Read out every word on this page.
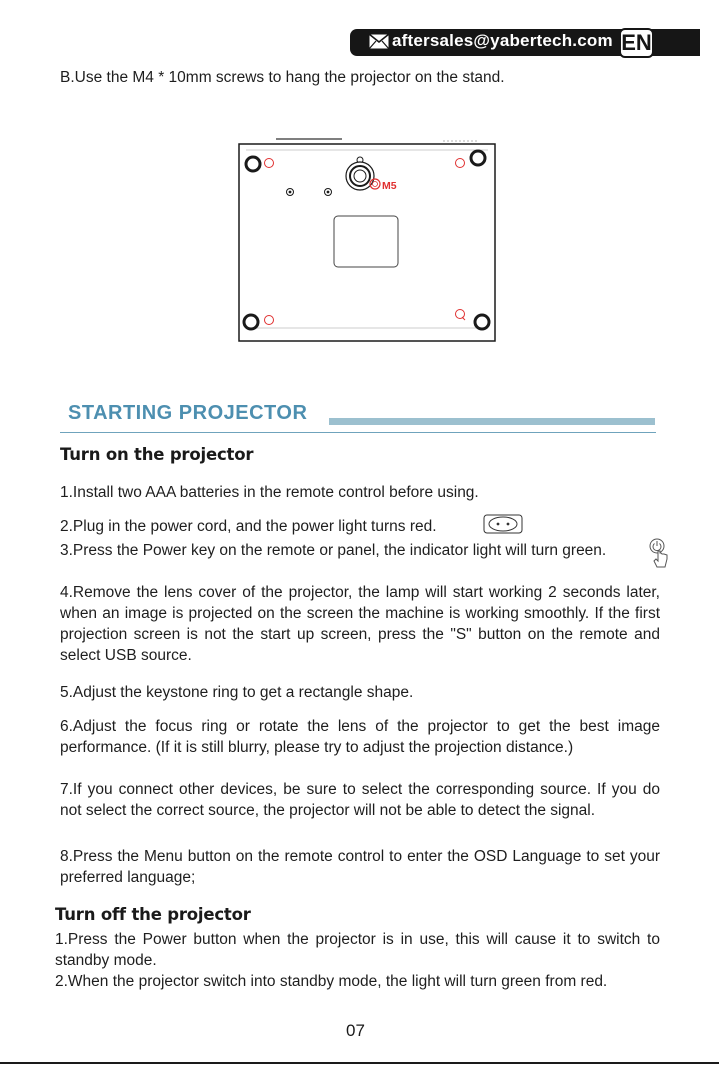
aftersales@yabertech.com EN
B.Use the M4 * 10mm screws to hang the projector on the stand.
M5
STARTING PROJECTOR
Turn on the projector
1.Install two AAA batteries in the remote control before using.
2.Plug in the power cord, and the power light turns red.
3.Press the Power key on the remote or panel, the indicator light will turn green.
4.Remove the lens cover of the projector, the lamp will start working 2 seconds later, when an image is projected on the screen the machine is working smoothly. If the first projection screen is not the start up screen, press the "S" button on the remote and select USB source.
5.Adjust the keystone ring to get a rectangle shape.
6.Adjust the focus ring or rotate the lens of the projector to get the best image performance. (If it is still blurry, please try to adjust the projection distance.)
7.If you connect other devices, be sure to select the corresponding source. If you do not select the correct source, the projector will not be able to detect the signal.
8.Press the Menu button on the remote control to enter the OSD Language to set your preferred language;
Turn off the projector
1.Press the Power button when the projector is in use, this will cause it to switch to standby mode.
2.When the projector switch into standby mode, the light will turn green from red.
07
